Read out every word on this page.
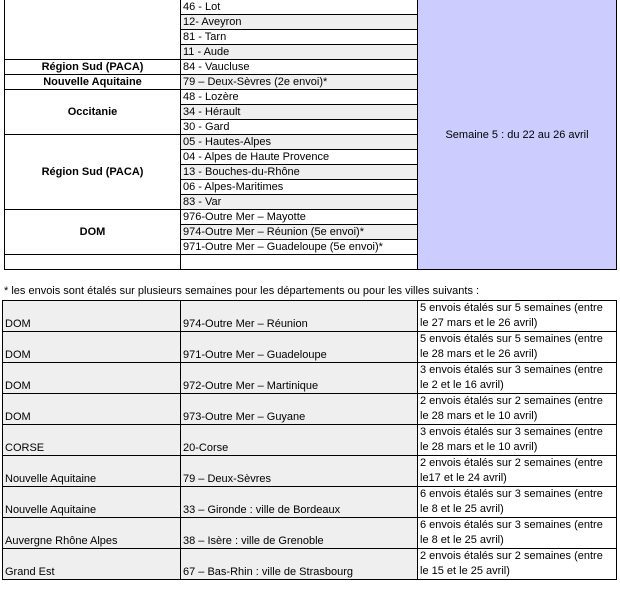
	46 - Lot	Semaine 5 : du 22 au 26 avril
	12- Aveyron	
	81 - Tarn	
	11 - Aude	
Région Sud (PACA)	84 - Vaucluse	
Nouvelle Aquitaine	79 – Deux-Sèvres (2e envoi)*	
Occitanie	48 - Lozère	
	34 - Hérault	
	30 - Gard	
Région Sud (PACA)	05 - Hautes-Alpes	
	04 - Alpes de Haute Provence	
	13 - Bouches-du-Rhône	
	06 - Alpes-Maritimes	
	83 - Var	
DOM	976-Outre Mer – Mayotte	
	974-Outre Mer – Réunion (5e envoi)*	
	971-Outre Mer – Guadeloupe (5e envoi)*	

* les envois sont étalés sur plusieurs semaines pour les départements ou pour les villes suivants :
DOM	974-Outre Mer – Réunion	5 envois étalés sur 5 semaines (entre le 27 mars et le 26 avril)
DOM	971-Outre Mer – Guadeloupe	5 envois étalés sur 5 semaines (entre le 28 mars et le 26 avril)
DOM	972-Outre Mer – Martinique	3 envois étalés sur 3 semaines (entre le 2 et le 16 avril)
DOM	973-Outre Mer – Guyane	2 envois étalés sur 2 semaines (entre le 28 mars et le 10 avril)
CORSE	20-Corse	3 envois étalés sur 3 semaines (entre le 28 mars et le 10 avril)
Nouvelle Aquitaine	79 – Deux-Sèvres	2 envois étalés sur 2 semaines (entre le17 et le 24 avril)
Nouvelle Aquitaine	33 – Gironde : ville de Bordeaux	6 envois étalés sur 3 semaines (entre le 8 et le 25 avril)
Auvergne Rhône Alpes	38 – Isère : ville de Grenoble	6 envois étalés sur 3 semaines (entre le 8 et le 25 avril)
Grand Est	67 – Bas-Rhin : ville de Strasbourg	2 envois étalés sur 2 semaines (entre le 15 et le 25 avril)
